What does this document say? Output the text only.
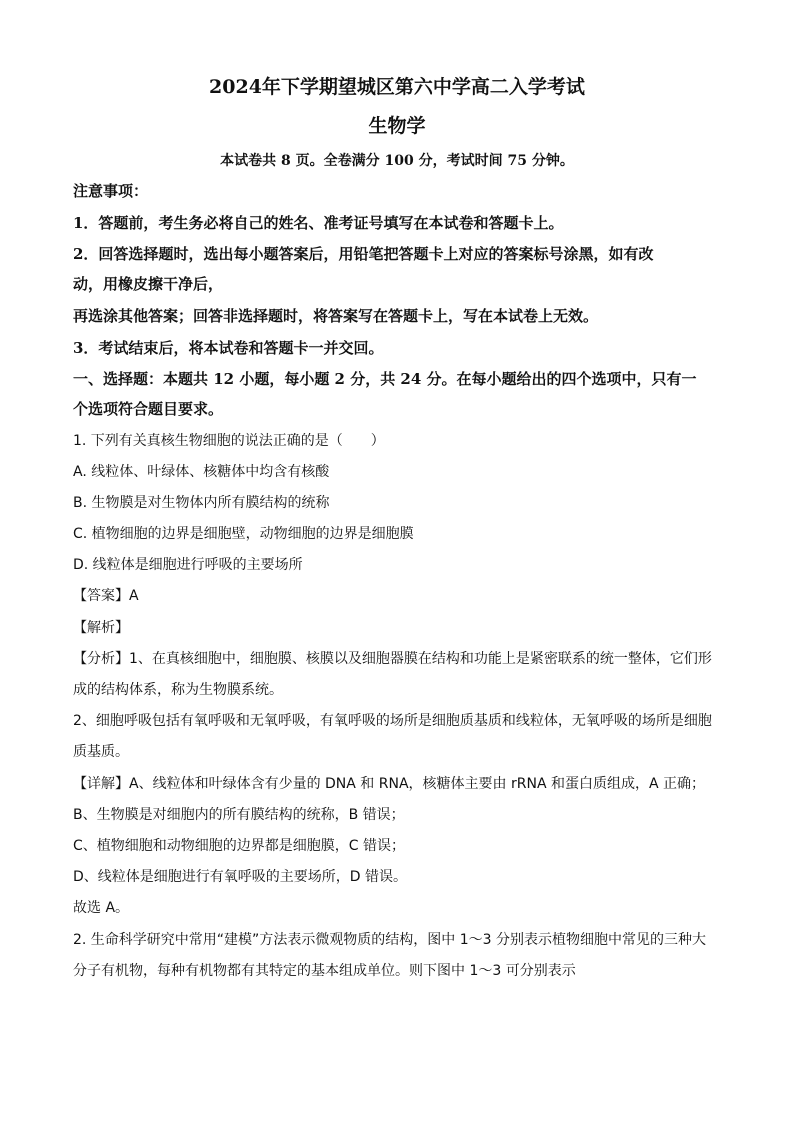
2024年下学期望城区第六中学高二入学考试
生物学
本试卷共 8 页。全卷满分 100 分，考试时间 75 分钟。
注意事项：
1．答题前，考生务必将自己的姓名、准考证号填写在本试卷和答题卡上。
2．回答选择题时，选出每小题答案后，用铅笔把答题卡上对应的答案标号涂黑，如有改
动，用橡皮擦干净后，
再选涂其他答案；回答非选择题时，将答案写在答题卡上，写在本试卷上无效。
3．考试结束后，将本试卷和答题卡一并交回。
一、选择题：本题共 12 小题，每小题 2 分，共 24 分。在每小题给出的四个选项中，只有一
个选项符合题目要求。
1. 下列有关真核生物细胞的说法正确的是（　　）
A. 线粒体、叶绿体、核糖体中均含有核酸
B. 生物膜是对生物体内所有膜结构的统称
C. 植物细胞的边界是细胞壁，动物细胞的边界是细胞膜
D. 线粒体是细胞进行呼吸的主要场所
【答案】A
【解析】
【分析】1、在真核细胞中，细胞膜、核膜以及细胞器膜在结构和功能上是紧密联系的统一整体，它们形
成的结构体系，称为生物膜系统。
2、细胞呼吸包括有氧呼吸和无氧呼吸，有氧呼吸的场所是细胞质基质和线粒体，无氧呼吸的场所是细胞
质基质。
【详解】A、线粒体和叶绿体含有少量的 DNA 和 RNA，核糖体主要由 rRNA 和蛋白质组成，A 正确；
B、生物膜是对细胞内的所有膜结构的统称，B 错误；
C、植物细胞和动物细胞的边界都是细胞膜，C 错误；
D、线粒体是细胞进行有氧呼吸的主要场所，D 错误。
故选 A。
2. 生命科学研究中常用“建模”方法表示微观物质的结构，图中 1～3 分别表示植物细胞中常见的三种大
分子有机物，每种有机物都有其特定的基本组成单位。则下图中 1～3 可分别表示
